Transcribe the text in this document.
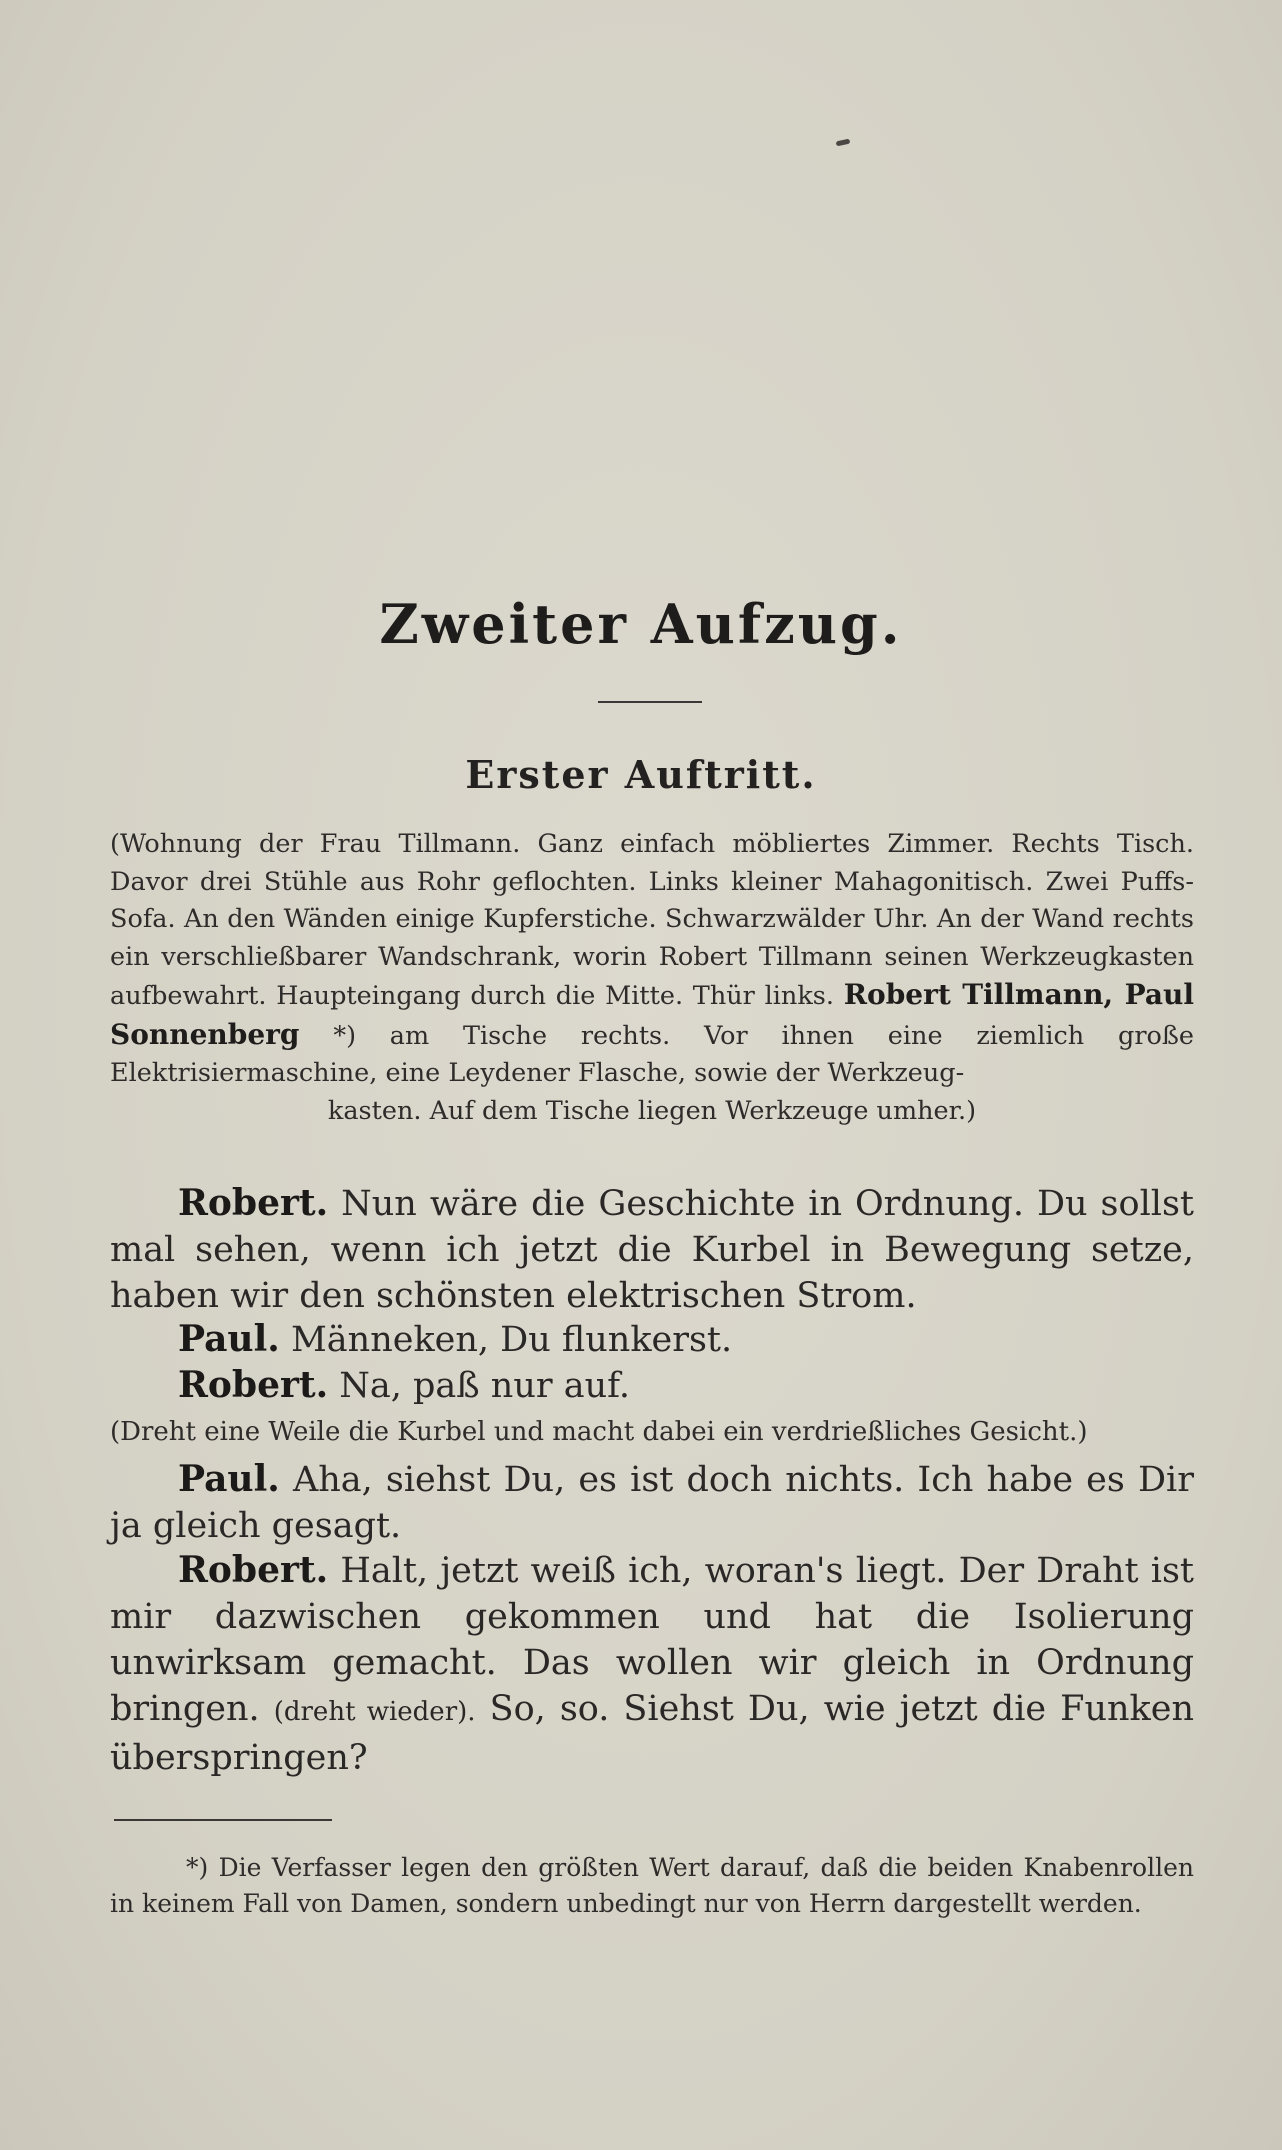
Zweiter Aufzug.
Erster Auftritt.

(Wohnung der Frau Tillmann. Ganz einfach möbliertes Zimmer. Rechts Tisch. Davor drei Stühle aus Rohr geflochten. Links kleiner Mahagonitisch. Zwei Puffs-Sofa. An den Wänden einige Kupferstiche. Schwarzwälder Uhr. An der Wand rechts ein verschließbarer Wandschrank, worin Robert Tillmann seinen Werkzeugkasten aufbewahrt. Haupteingang durch die Mitte. Thür links. Robert Tillmann, Paul Sonnenberg *) am Tische rechts. Vor ihnen eine ziemlich große Elektrisiermaschine, eine Leydener Flasche, sowie der Werkzeug-

kasten. Auf dem Tische liegen Werkzeuge umher.)

Robert. Nun wäre die Geschichte in Ordnung. Du sollst mal sehen, wenn ich jetzt die Kurbel in Bewegung setze, haben wir den schönsten elektrischen Strom.
Paul. Männeken, Du flunkerst.
Robert. Na, paß nur auf.
(Dreht eine Weile die Kurbel und macht dabei ein verdrießliches Gesicht.)
Paul. Aha, siehst Du, es ist doch nichts. Ich habe es Dir ja gleich gesagt.
Robert. Halt, jetzt weiß ich, woran's liegt. Der Draht ist mir dazwischen gekommen und hat die Isolierung unwirksam gemacht. Das wollen wir gleich in Ordnung bringen. (dreht wieder). So, so. Siehst Du, wie jetzt die Funken überspringen?

*) Die Verfasser legen den größten Wert darauf, daß die beiden Knabenrollen in keinem Fall von Damen, sondern unbedingt nur von Herrn dargestellt werden.
